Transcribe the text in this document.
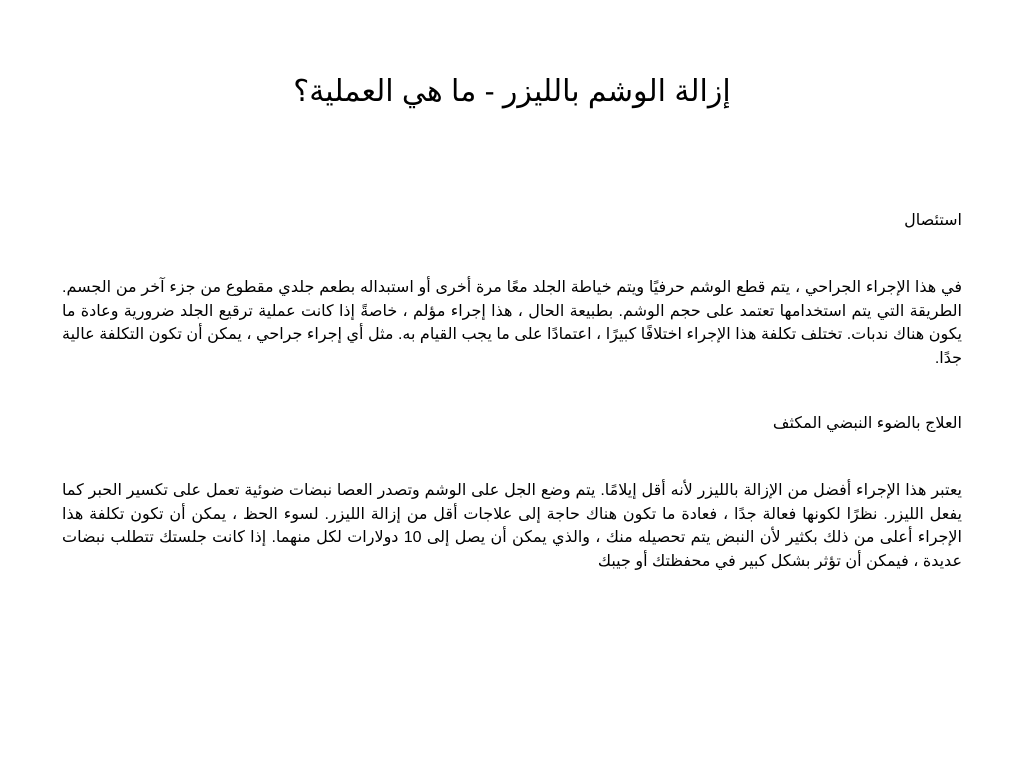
إزالة الوشم بالليزر - ما هي العملية؟

استئصال

في هذا الإجراء الجراحي ، يتم قطع الوشم حرفيًا ويتم خياطة الجلد معًا مرة أخرى أو استبداله بطعم جلدي مقطوع من جزء آخر من الجسم. الطريقة التي يتم استخدامها تعتمد على حجم الوشم. بطبيعة الحال ، هذا إجراء مؤلم ، خاصةً إذا كانت عملية ترقيع الجلد ضرورية وعادة ما يكون هناك ندبات. تختلف تكلفة هذا الإجراء اختلافًا كبيرًا ، اعتمادًا على ما يجب القيام به. مثل أي إجراء جراحي ، يمكن أن تكون التكلفة عالية جدًا.

العلاج بالضوء النبضي المكثف

يعتبر هذا الإجراء أفضل من الإزالة بالليزر لأنه أقل إيلامًا. يتم وضع الجل على الوشم وتصدر العصا نبضات ضوئية تعمل على تكسير الحبر كما يفعل الليزر. نظرًا لكونها فعالة جدًا ، فعادة ما تكون هناك حاجة إلى علاجات أقل من إزالة الليزر. لسوء الحظ ، يمكن أن تكون تكلفة هذا الإجراء أعلى من ذلك بكثير لأن النبض يتم تحصيله منك ، والذي يمكن أن يصل إلى 10 دولارات لكل منهما. إذا كانت جلستك تتطلب نبضات عديدة ، فيمكن أن تؤثر بشكل كبير في محفظتك أو جيبك
